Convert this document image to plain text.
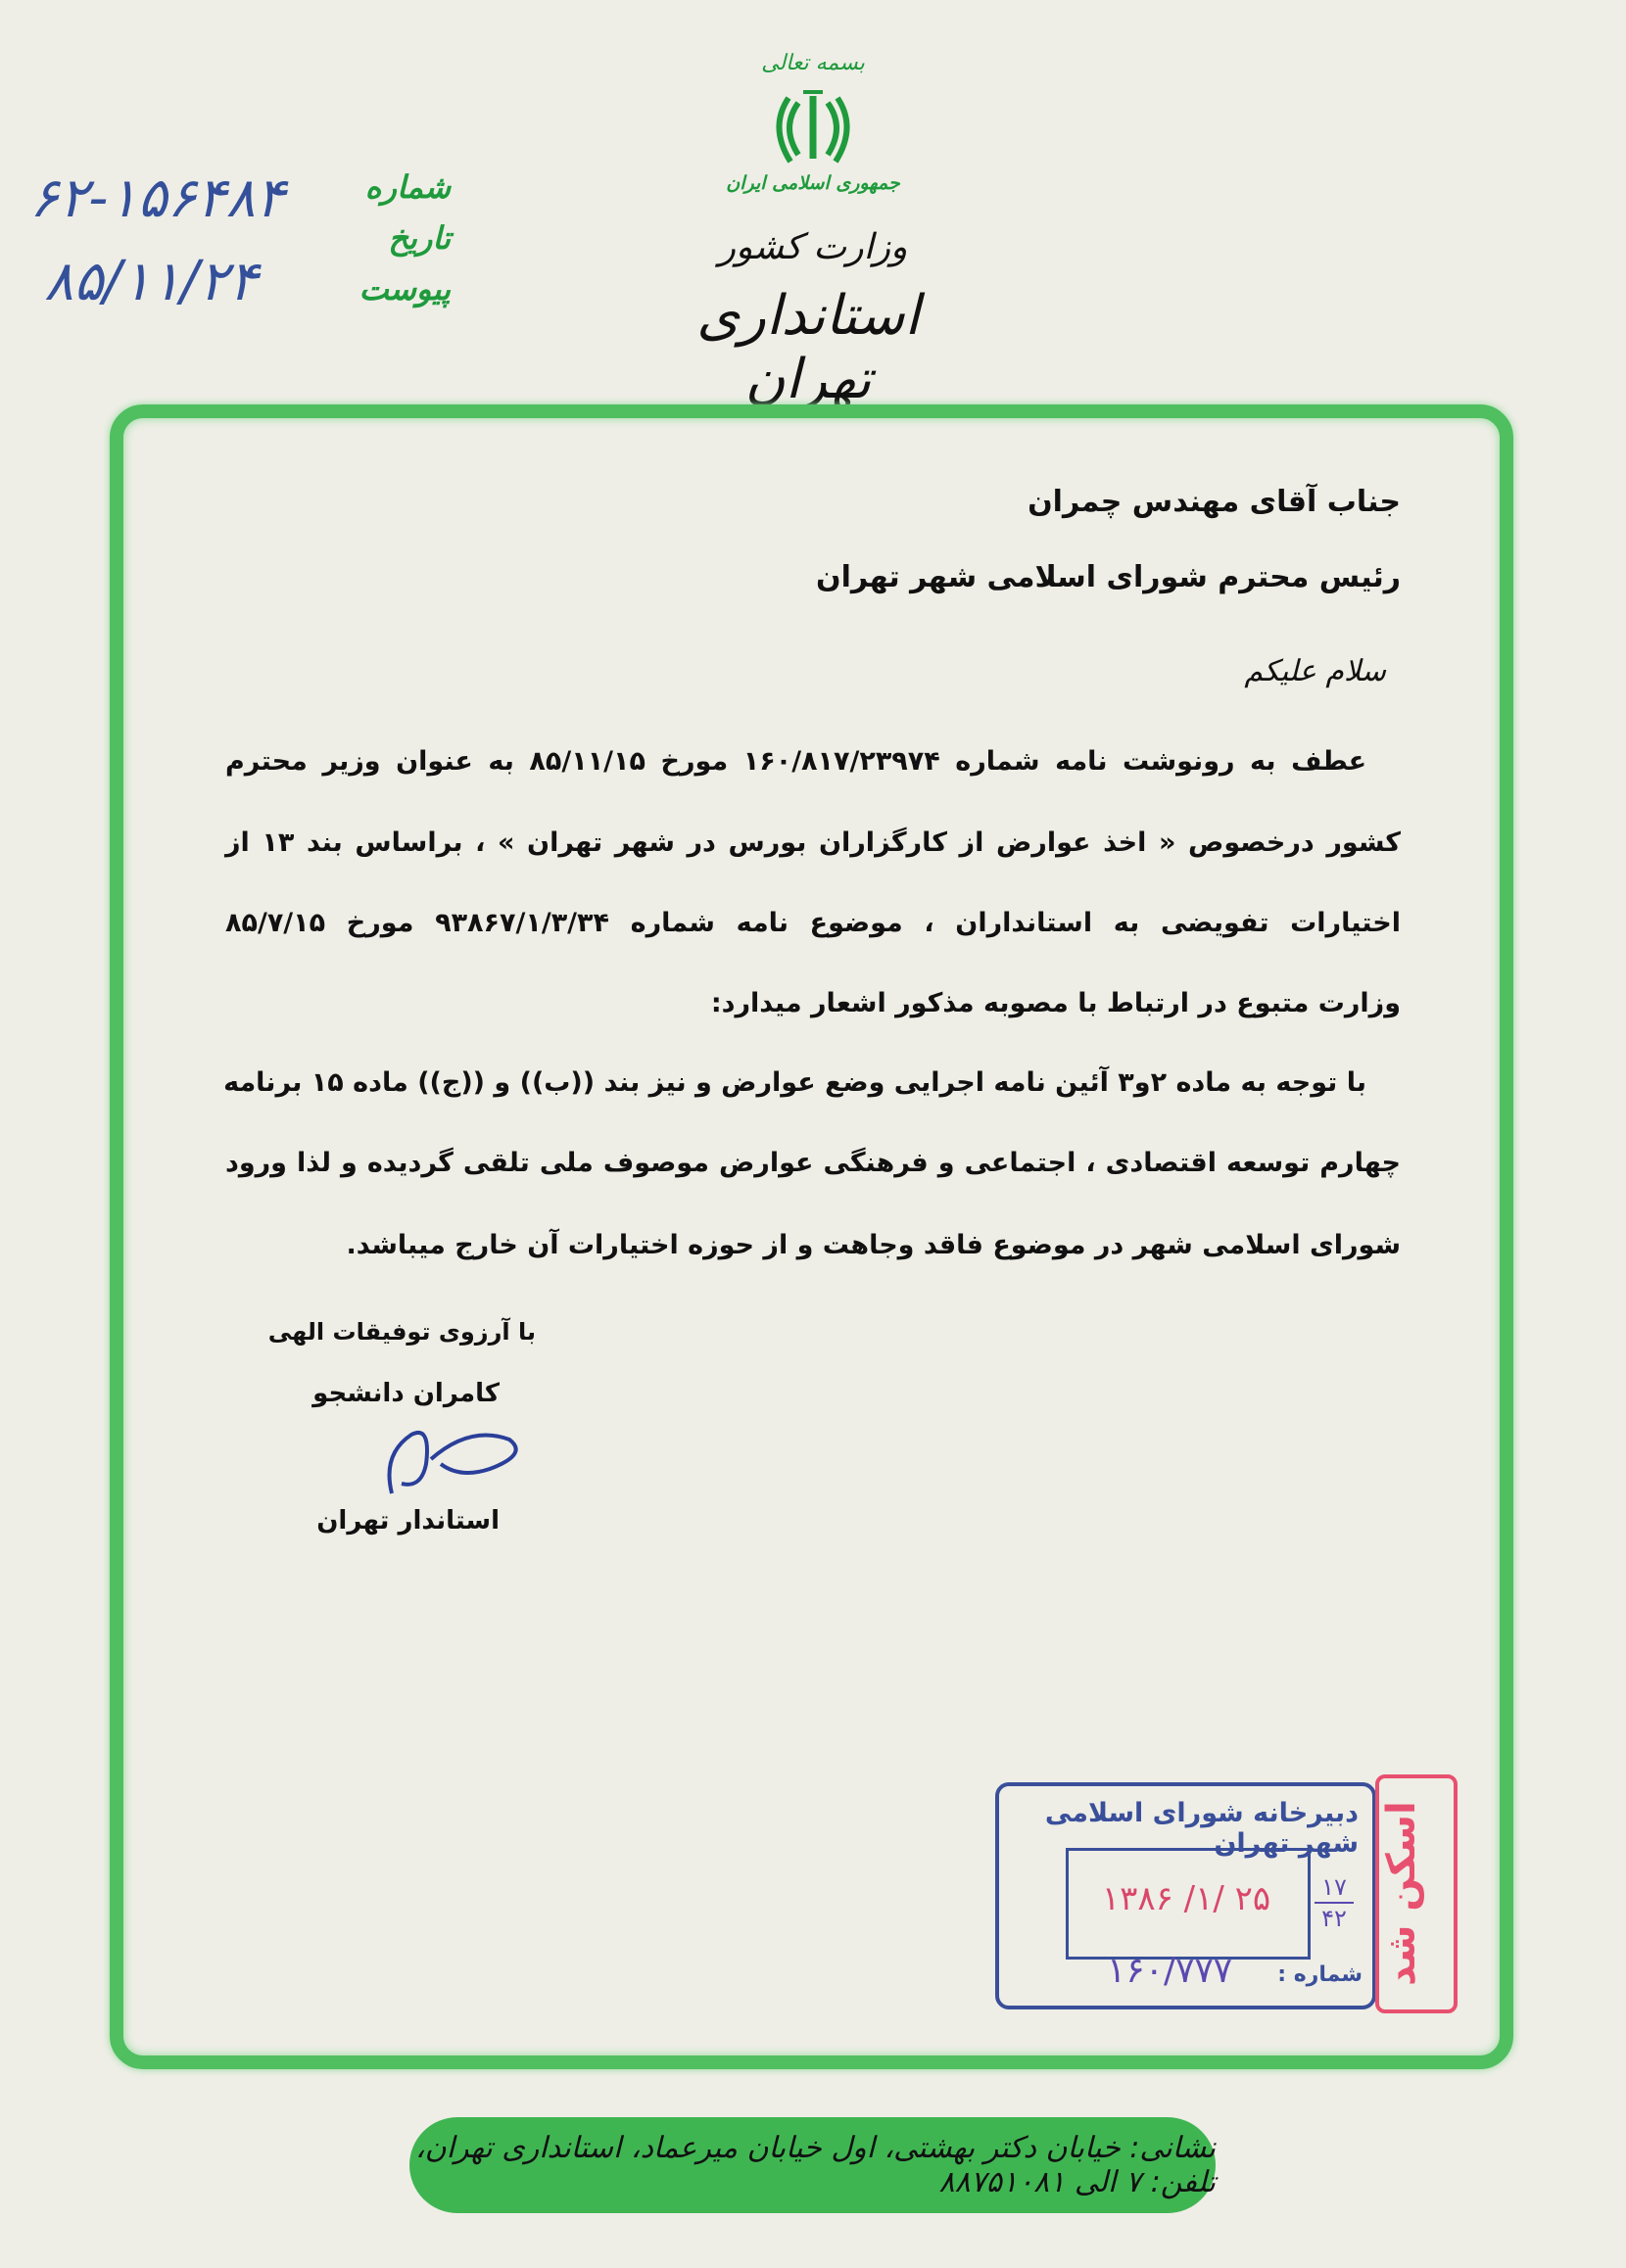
بسمه تعالی
جمهوری اسلامی ایران
وزارت کشور
استانداری تهران
شماره
تاریخ
پیوست
۶۲-۱۵۶۴۸۴
۸۵/۱۱/۲۴
جناب آقای مهندس چمران
رئیس محترم شورای اسلامی شهر تهران
سلام علیکم
عطف به رونوشت نامه شماره ۱۶۰/۸۱۷/۲۳۹۷۴ مورخ ۸۵/۱۱/۱۵ به عنوان وزیر محترم
کشور درخصوص « اخذ عوارض از کارگزاران بورس در شهر تهران » ، براساس بند ۱۳ از
اختیارات تفویضی به استانداران ، موضوع نامه شماره ۹۳۸۶۷/۱/۳/۳۴ مورخ ۸۵/۷/۱۵
وزارت متبوع در ارتباط با مصوبه مذکور اشعار میدارد:
با توجه به ماده ۲و۳ آئین نامه اجرایی وضع عوارض و نیز بند ((ب)) و ((ج)) ماده ۱۵ برنامه
چهارم توسعه اقتصادی ، اجتماعی و فرهنگی عوارض موصوف ملی تلقی گردیده و لذا ورود
شورای اسلامی شهر در موضوع فاقد وجاهت و از حوزه اختیارات آن خارج میباشد.
با آرزوی توفیقات الهی
کامران دانشجو
استاندار تهران
دبیرخانه شورای اسلامی شهر تهران
۱۳۸۶ /۱/ ۲۵	۱۷
۴۲
شماره :
۱۶۰/۷۷۷	اسکن شد
نشانی: خیابان دکتر بهشتی، اول خیابان میرعماد، استانداری تهران، تلفن: ۷ الی ۸۸۷۵۱۰۸۱
